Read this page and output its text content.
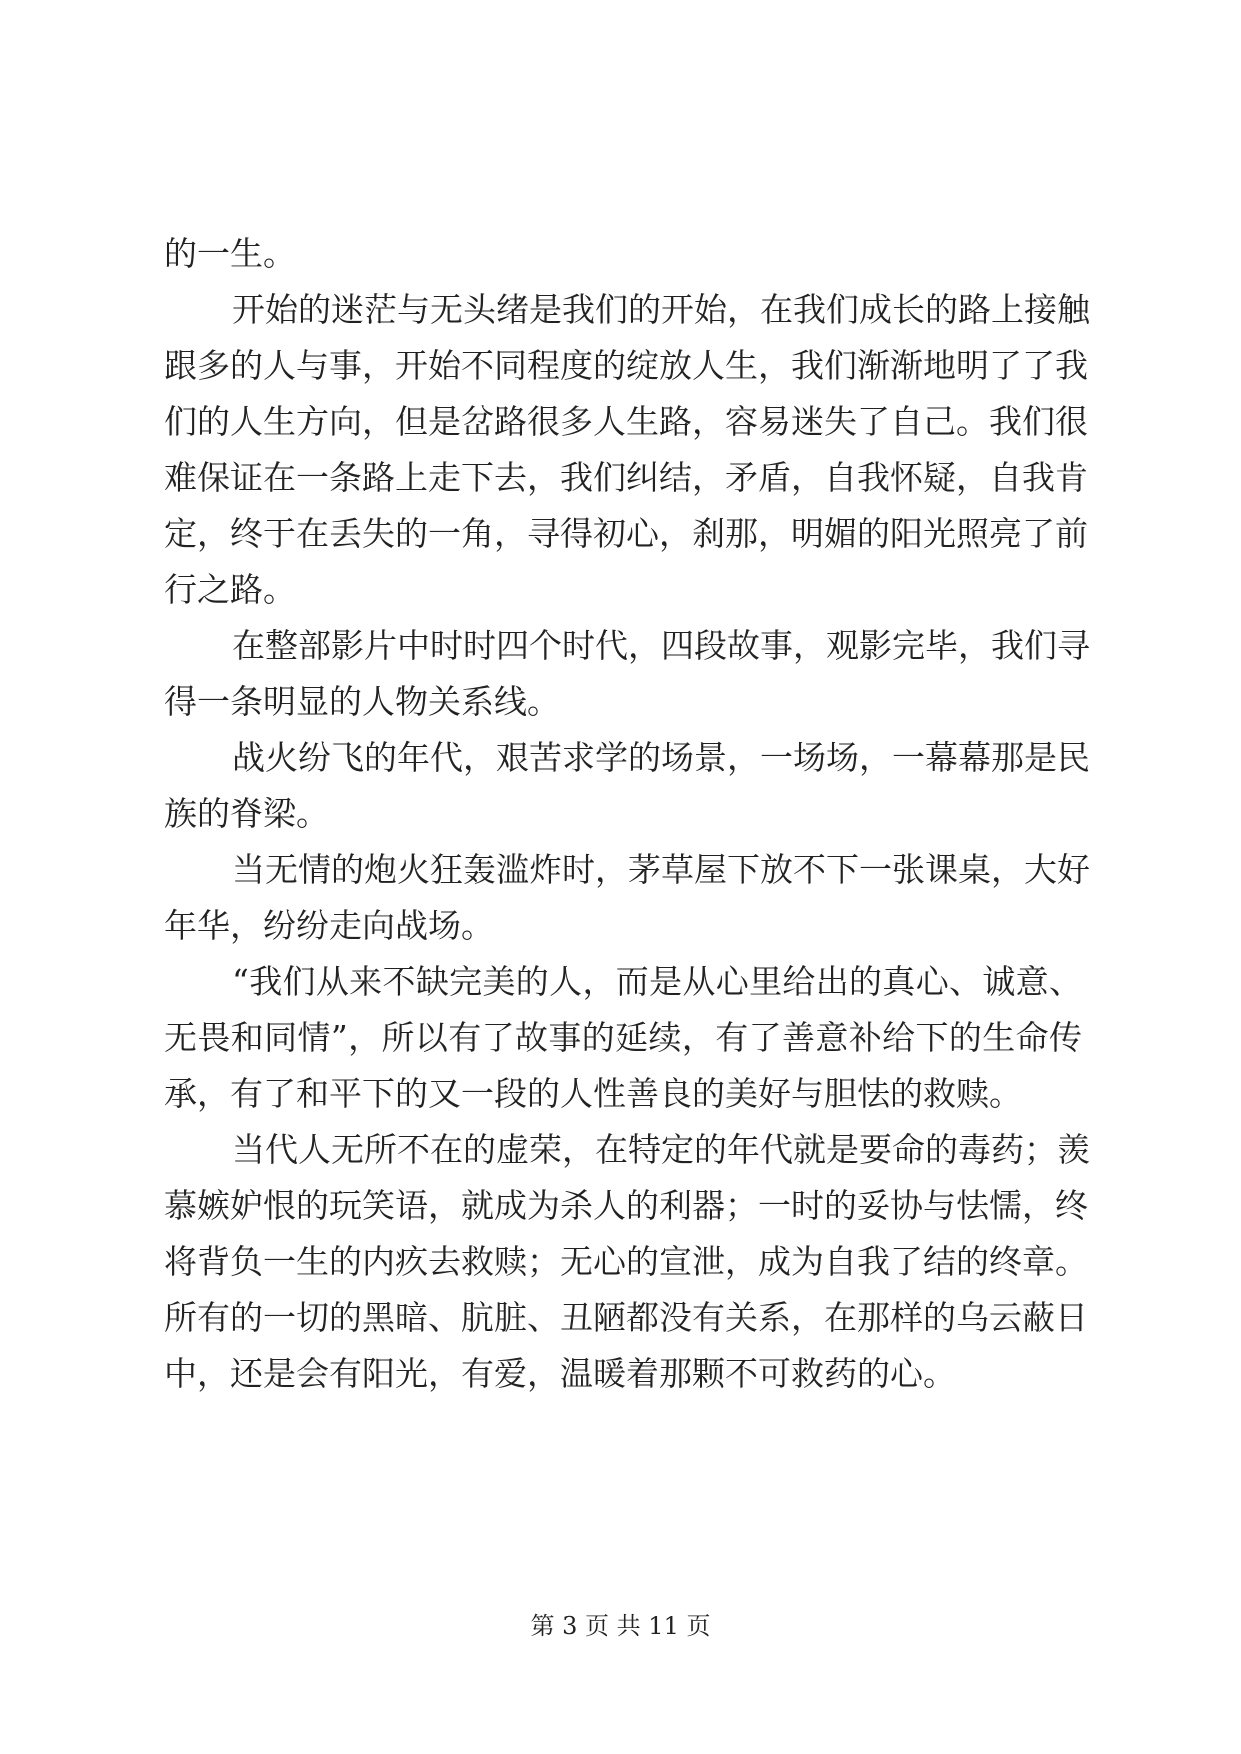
的一生。
开始的迷茫与无头绪是我们的开始，在我们成长的路上接触
跟多的人与事，开始不同程度的绽放人生，我们渐渐地明了了我
们的人生方向，但是岔路很多人生路，容易迷失了自己。我们很
难保证在一条路上走下去，我们纠结，矛盾，自我怀疑，自我肯
定，终于在丢失的一角，寻得初心，刹那，明媚的阳光照亮了前
行之路。
在整部影片中时时四个时代，四段故事，观影完毕，我们寻
得一条明显的人物关系线。
战火纷飞的年代，艰苦求学的场景，一场场，一幕幕那是民
族的脊梁。
当无情的炮火狂轰滥炸时，茅草屋下放不下一张课桌，大好
年华，纷纷走向战场。
“我们从来不缺完美的人，而是从心里给出的真心、诚意、
无畏和同情”，所以有了故事的延续，有了善意补给下的生命传
承，有了和平下的又一段的人性善良的美好与胆怯的救赎。
当代人无所不在的虚荣，在特定的年代就是要命的毒药；羡
慕嫉妒恨的玩笑语，就成为杀人的利器；一时的妥协与怯懦，终
将背负一生的内疚去救赎；无心的宣泄，成为自我了结的终章。
所有的一切的黑暗、肮脏、丑陋都没有关系，在那样的乌云蔽日
中，还是会有阳光，有爱，温暖着那颗不可救药的心。
第 3 页 共 11 页
